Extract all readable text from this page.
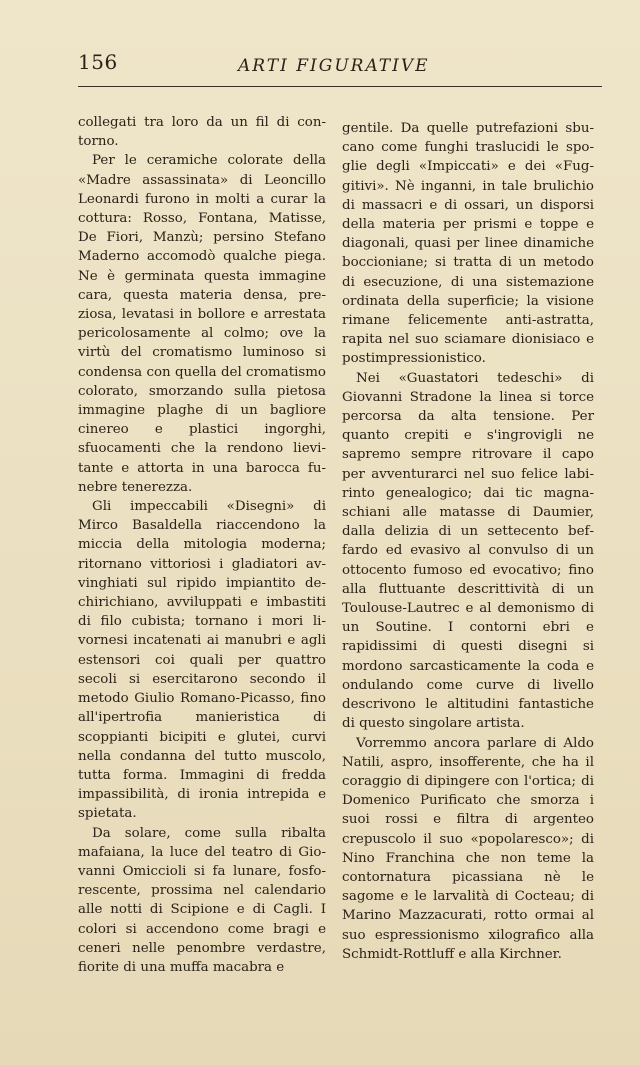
156	ARTI FIGURATIVE

collegati tra loro da un fil di contorno.

Per le ceramiche colorate della «Madre assassinata» di Leoncillo Leonardi furono in molti a curar la cottura: Rosso, Fontana, Matisse, De Fiori, Manzù; persino Stefano Maderno accomodò qualche piega. Ne è germinata questa immagine cara, questa materia densa, preziosa, levatasi in bollore e arrestata pericolosamente al colmo; ove la virtù del cromatismo luminoso si condensa con quella del cromatismo colorato, smorzando sulla pietosa immagine plaghe di un bagliore cinereo e plastici ingorghi, sfuocamenti che la rendono lievitante e attorta in una barocca funebre tenerezza.

Gli impeccabili «Disegni» di Mirco Basaldella riaccendono la miccia della mitologia moderna; ritornano vittoriosi i gladiatori avvinghiati sul ripido impiantito dechirichiano, avviluppati e imbastiti di filo cubista; tornano i mori livornesi incatenati ai manubri e agli estensori coi quali per quattro secoli si esercitarono secondo il metodo Giulio Romano-Picasso, fino all'ipertrofia manieristica di scoppianti bicipiti e glutei, curvi nella condanna del tutto muscolo, tutta forma. Immagini di fredda impassibilità, di ironia intrepida e spietata.

Da solare, come sulla ribalta mafaiana, la luce del teatro di Giovanni Omiccioli si fa lunare, fosforescente, prossima nel calendario alle notti di Scipione e di Cagli. I colori si accendono come bragi e ceneri nelle penombre verdastre, fiorite di una muffa macabra e

gentile. Da quelle putrefazioni sbucano come funghi traslucidi le spoglie degli «Impiccati» e dei «Fuggitivi». Nè inganni, in tale brulichio di massacri e di ossari, un disporsi della materia per prismi e toppe e diagonali, quasi per linee dinamiche boccioniane; si tratta di un metodo di esecuzione, di una sistemazione ordinata della superficie; la visione rimane felicemente anti-astratta, rapita nel suo sciamare dionisiaco e postimpressionistico.

Nei «Guastatori tedeschi» di Giovanni Stradone la linea si torce percorsa da alta tensione. Per quanto crepiti e s'ingrovigli ne sapremo sempre ritrovare il capo per avventurarci nel suo felice labirinto genealogico; dai tic magnaschiani alle matasse di Daumier, dalla delizia di un settecento beffardo ed evasivo al convulso di un ottocento fumoso ed evocativo; fino alla fluttuante descrittività di un Toulouse-Lautrec e al demonismo di un Soutine. I contorni ebri e rapidissimi di questi disegni si mordono sarcasticamente la coda e ondulando come curve di livello descrivono le altitudini fantastiche di questo singolare artista.

Vorremmo ancora parlare di Aldo Natili, aspro, insofferente, che ha il coraggio di dipingere con l'ortica; di Domenico Purificato che smorza i suoi rossi e filtra di argenteo crepuscolo il suo «popolaresco»; di Nino Franchina che non teme la contornatura picassiana nè le sagome e le larvalità di Cocteau; di Marino Mazzacurati, rotto ormai al suo espressionismo xilografico alla Schmidt-Rottluff e alla Kirchner.
